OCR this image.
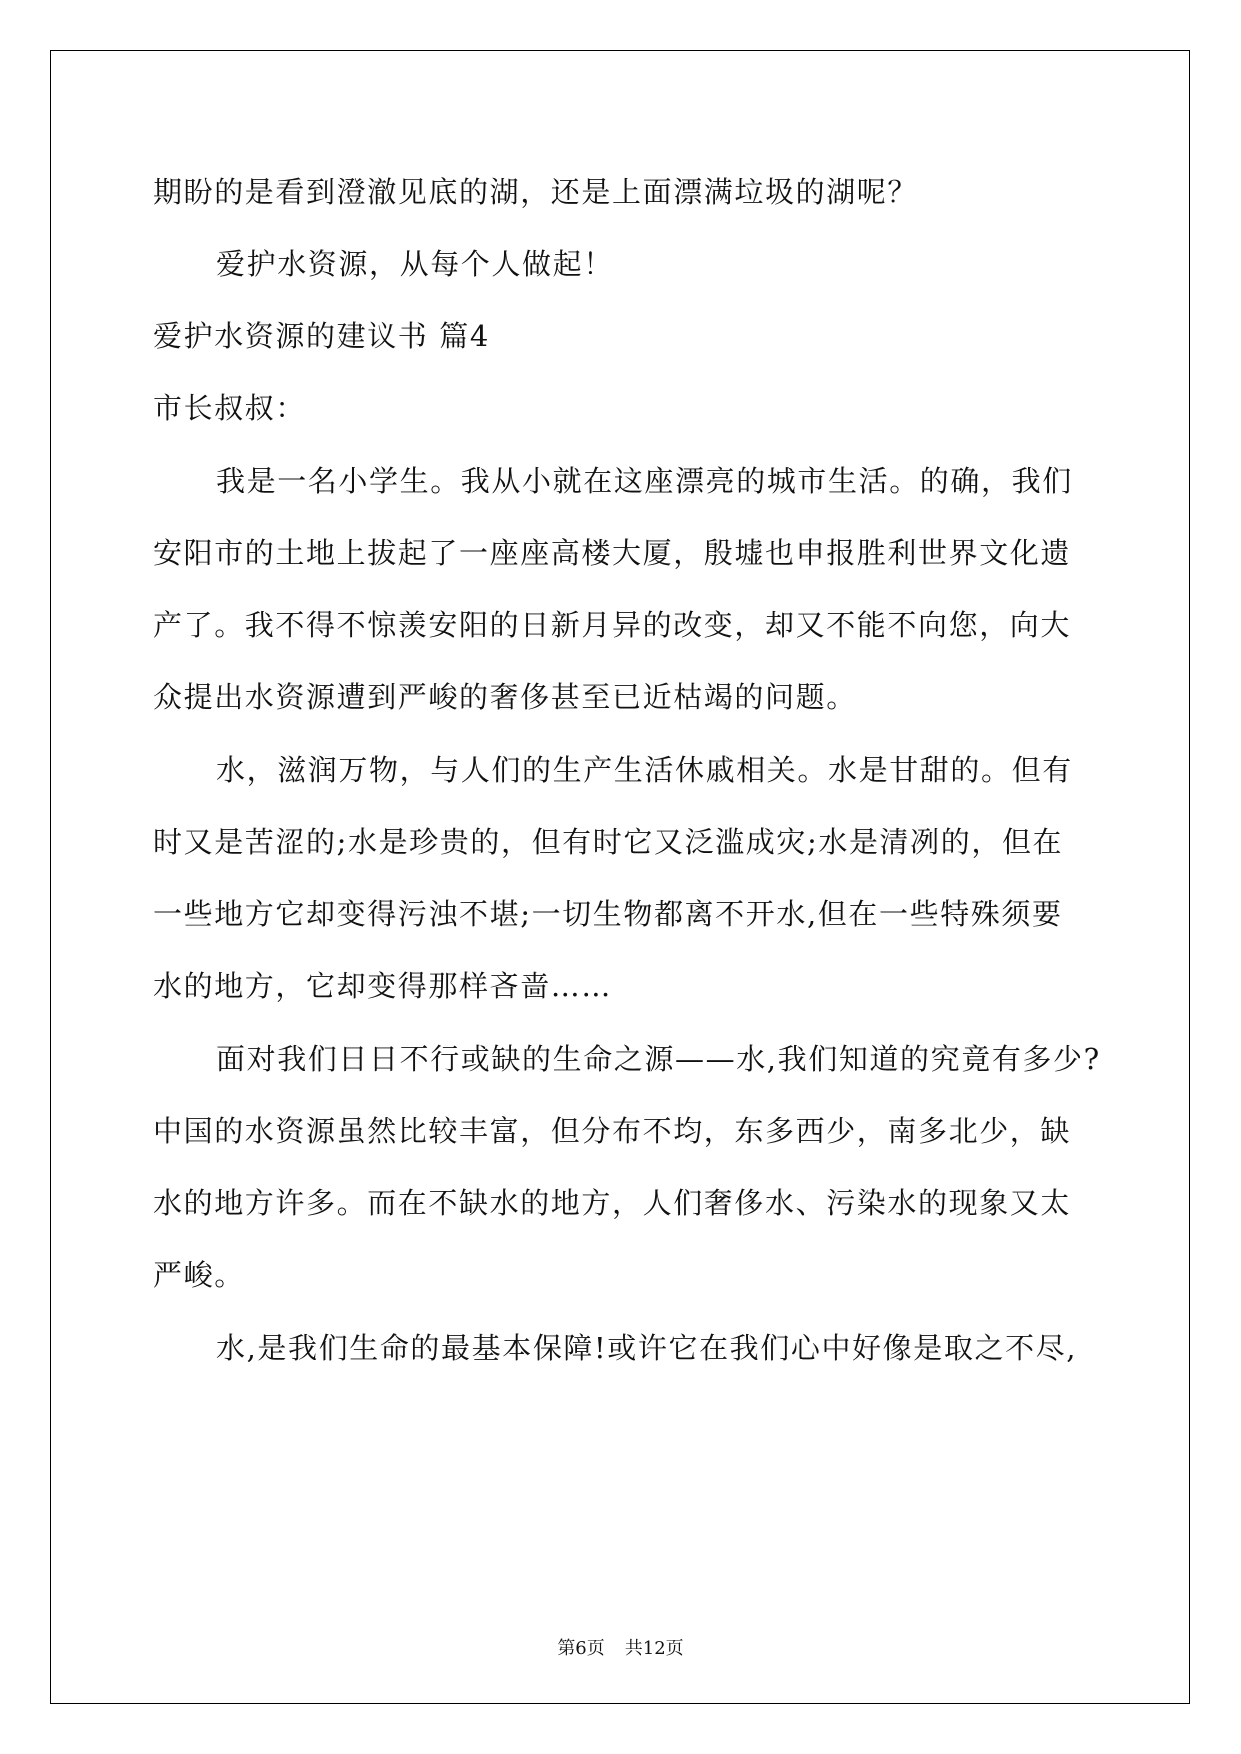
期盼的是看到澄澈见底的湖，还是上面漂满垃圾的湖呢？
爱护水资源，从每个人做起！
爱护水资源的建议书 篇4
市长叔叔：
我是一名小学生。我从小就在这座漂亮的城市生活。的确，我们
安阳市的土地上拔起了一座座高楼大厦，殷墟也申报胜利世界文化遗
产了。我不得不惊羡安阳的日新月异的改变，却又不能不向您，向大
众提出水资源遭到严峻的奢侈甚至已近枯竭的问题。
水，滋润万物，与人们的生产生活休戚相关。水是甘甜的。但有
时又是苦涩的;水是珍贵的，但有时它又泛滥成灾;水是清冽的，但在
一些地方它却变得污浊不堪;一切生物都离不开水,但在一些特殊须要
水的地方，它却变得那样吝啬……
面对我们日日不行或缺的生命之源——水,我们知道的究竟有多少?
中国的水资源虽然比较丰富，但分布不均，东多西少，南多北少，缺
水的地方许多。而在不缺水的地方，人们奢侈水、污染水的现象又太
严峻。
水,是我们生命的最基本保障!或许它在我们心中好像是取之不尽,
第6页 共12页
